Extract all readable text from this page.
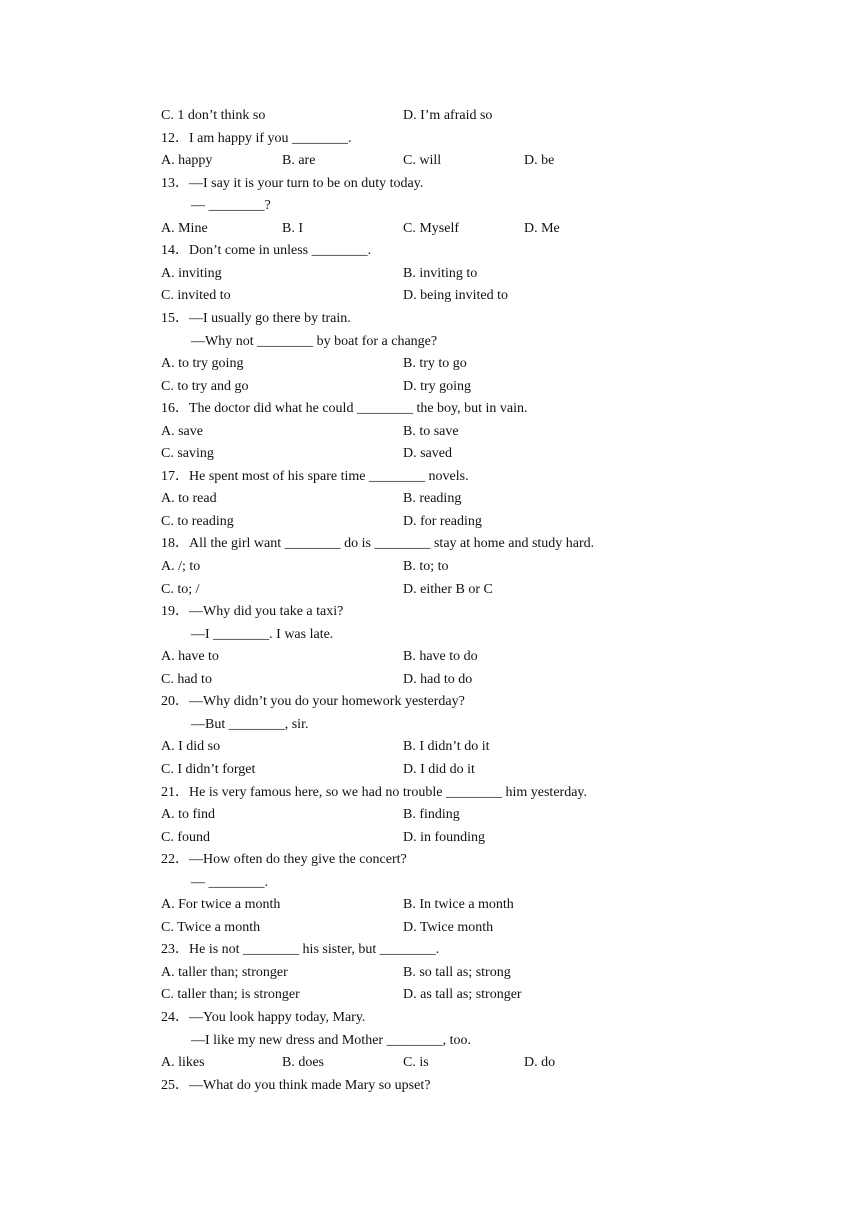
C. 1 don’t think so	D. I’m afraid so
12．I am happy if you ________.
A. happy	B. are	C. will	D. be
13．—I say it is your turn to be on duty today.
— ________?
A. Mine	B. I	C. Myself	D. Me
14．Don’t come in unless ________.
A. inviting	B. inviting to
C. invited to	D. being invited to
15．—I usually go there by train.
—Why not ________ by boat for a change?
A. to try going	B. try to go
C. to try and go	D. try going
16．The doctor did what he could ________ the boy, but in vain.
A. save	B. to save
C. saving	D. saved
17．He spent most of his spare time ________ novels.
A. to read	B. reading
C. to reading	D. for reading
18．All the girl want ________ do is ________ stay at home and study hard.
A. /; to	B. to; to
C. to; /	D. either B or C
19．—Why did you take a taxi?
—I ________. I was late.
A. have to	B. have to do
C. had to	D. had to do
20．—Why didn’t you do your homework yesterday?
—But ________, sir.
A. I did so	B. I didn’t do it
C. I didn’t forget	D. I did do it
21．He is very famous here, so we had no trouble ________ him yesterday.
A. to find	B. finding
C. found	D. in founding
22．—How often do they give the concert?
— ________.
A. For twice a month	B. In twice a month
C. Twice a month	D. Twice month
23．He is not ________ his sister, but ________.
A. taller than; stronger	B. so tall as; strong
C. taller than; is stronger	D. as tall as; stronger
24．—You look happy today, Mary.
—I like my new dress and Mother ________, too.
A. likes	B. does	C. is	D. do
25．—What do you think made Mary so upset?
